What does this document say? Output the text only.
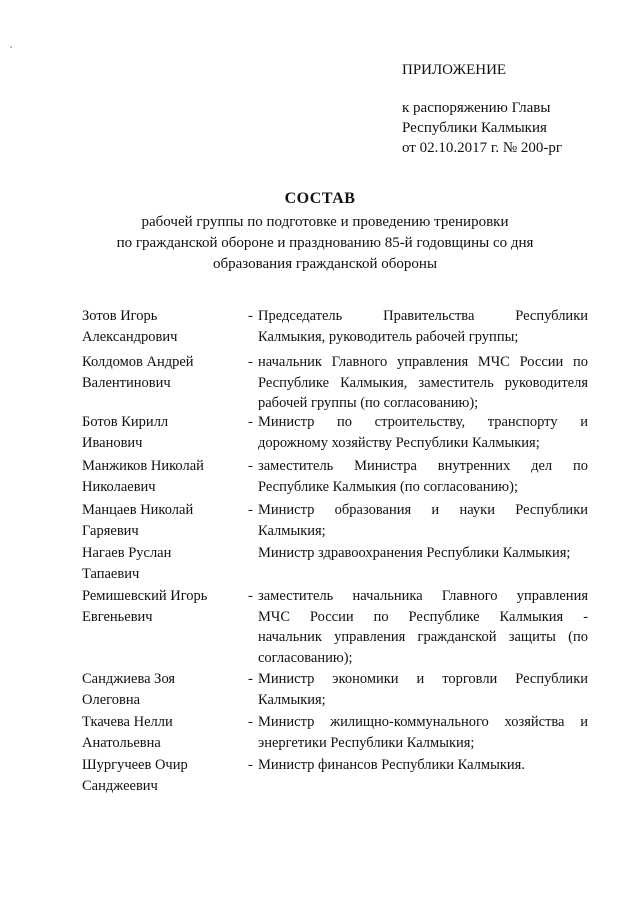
ПРИЛОЖЕНИЕ
к распоряжению Главы
Республики Калмыкия
от 02.10.2017 г. № 200-рг
СОСТАВ
рабочей группы по подготовке и проведению тренировки
по гражданской обороне и празднованию 85-й годовщины со дня
образования гражданской обороны
Зотов Игорь
Александрович
- Председатель Правительства Республики
Калмыкия, руководитель рабочей группы;
Колдомов Андрей
Валентинович
- начальник Главного управления МЧС России по
Республике Калмыкия, заместитель руководителя
рабочей группы (по согласованию);
Ботов Кирилл
Иванович
- Министр по строительству, транспорту и
дорожному хозяйству Республики Калмыкия;
Манжиков Николай
Николаевич
- заместитель Министра внутренних дел по
Республике Калмыкия (по согласованию);
Манцаев Николай
Гаряевич
- Министр образования и науки Республики
Калмыкия;
Нагаев Руслан
Тапаевич
Министр здравоохранения Республики Калмыкия;
Ремишевский Игорь
Евгеньевич
- заместитель начальника Главного управления
МЧС России по Республике Калмыкия -
начальник управления гражданской защиты (по
согласованию);
Санджиева Зоя
Олеговна
- Министр экономики и торговли Республики
Калмыкия;
Ткачева Нелли
Анатольевна
- Министр жилищно-коммунального хозяйства и
энергетики Республики Калмыкия;
Шургучеев Очир
Санджеевич
- Министр финансов Республики Калмыкия.
